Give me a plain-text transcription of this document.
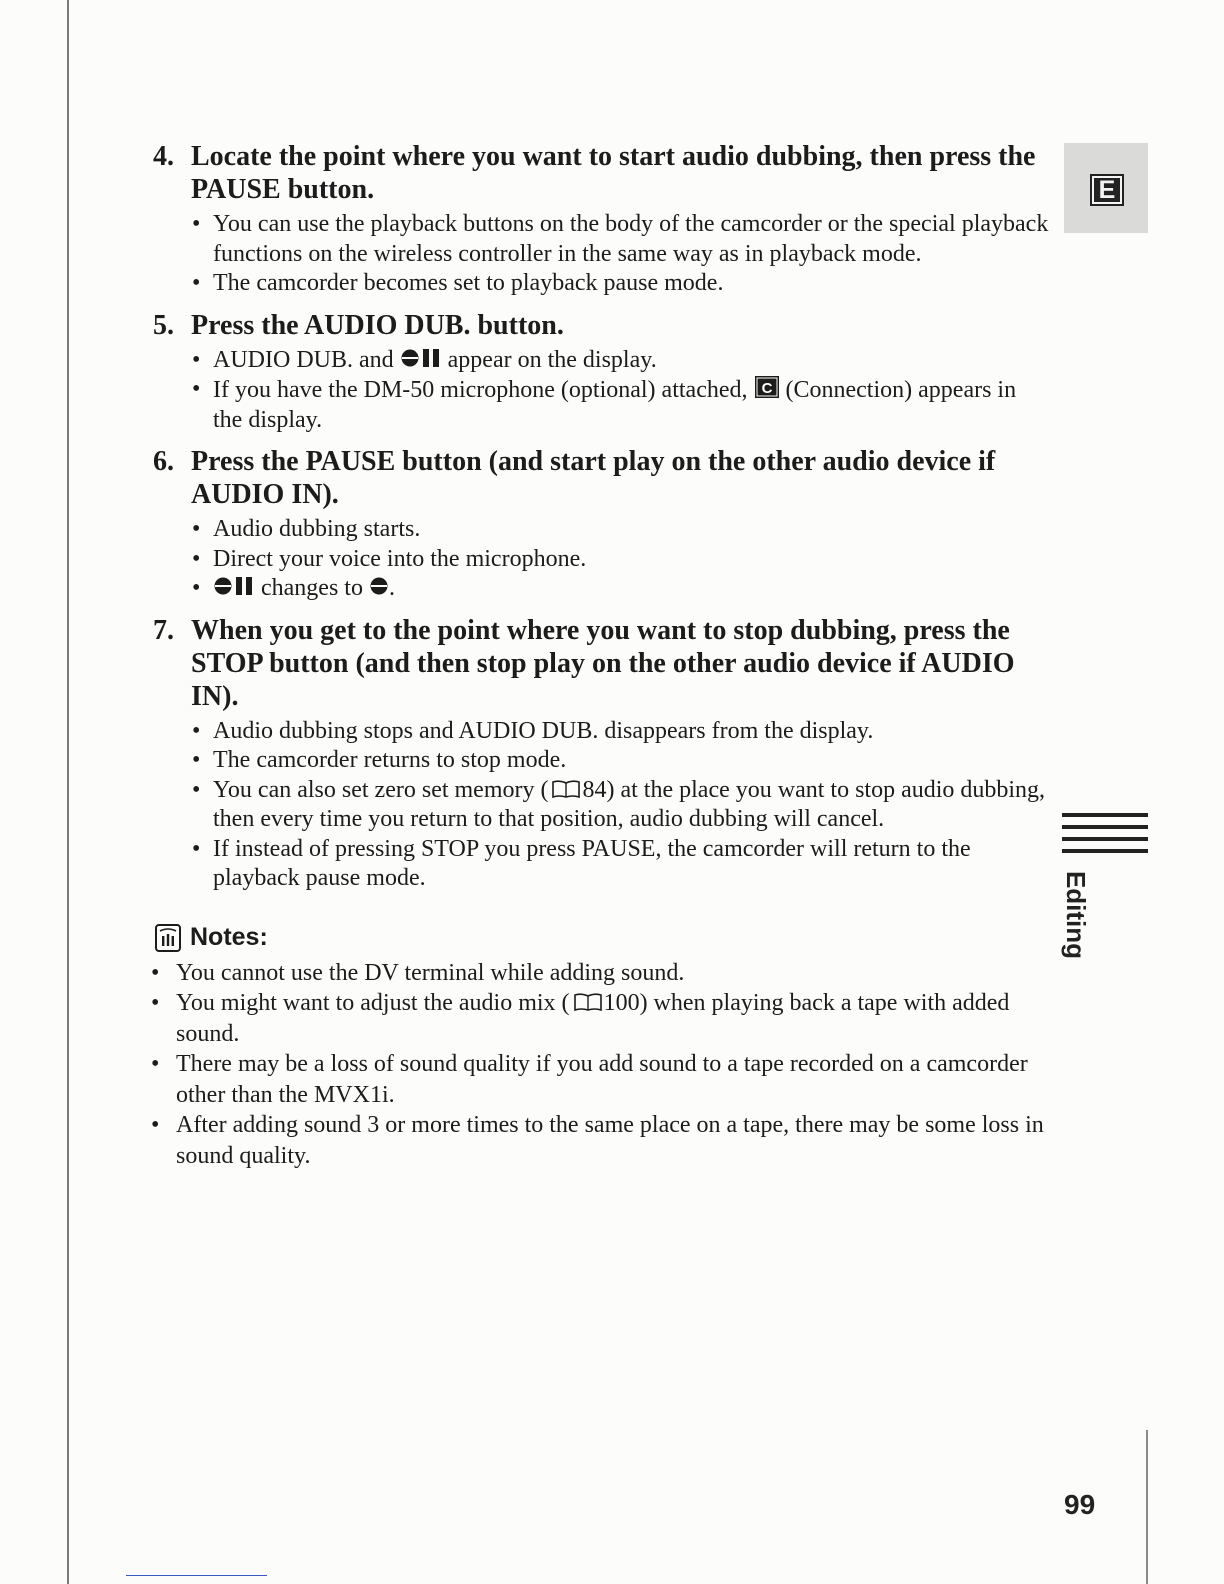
E
Editing
4. Locate the point where you want to start audio dubbing, then press the PAUSE button.
• You can use the playback buttons on the body of the camcorder or the special playback functions on the wireless controller in the same way as in playback mode.
• The camcorder becomes set to playback pause mode.
5. Press the AUDIO DUB. button.
• AUDIO DUB. and appear on the display.
• If you have the DM-50 microphone (optional) attached, C (Connection) appears in the display.
6. Press the PAUSE button (and start play on the other audio device if AUDIO IN).
• Audio dubbing starts.
• Direct your voice into the microphone.
• changes to .
7. When you get to the point where you want to stop dubbing, press the STOP button (and then stop play on the other audio device if AUDIO IN).
• Audio dubbing stops and AUDIO DUB. disappears from the display.
• The camcorder returns to stop mode.
• You can also set zero set memory ( 84) at the place you want to stop audio dubbing, then every time you return to that position, audio dubbing will cancel.
• If instead of pressing STOP you press PAUSE, the camcorder will return to the playback pause mode.
Notes:
• You cannot use the DV terminal while adding sound.
• You might want to adjust the audio mix ( 100) when playing back a tape with added sound.
• There may be a loss of sound quality if you add sound to a tape recorded on a camcorder other than the MVX1i.
• After adding sound 3 or more times to the same place on a tape, there may be some loss in sound quality.
99
